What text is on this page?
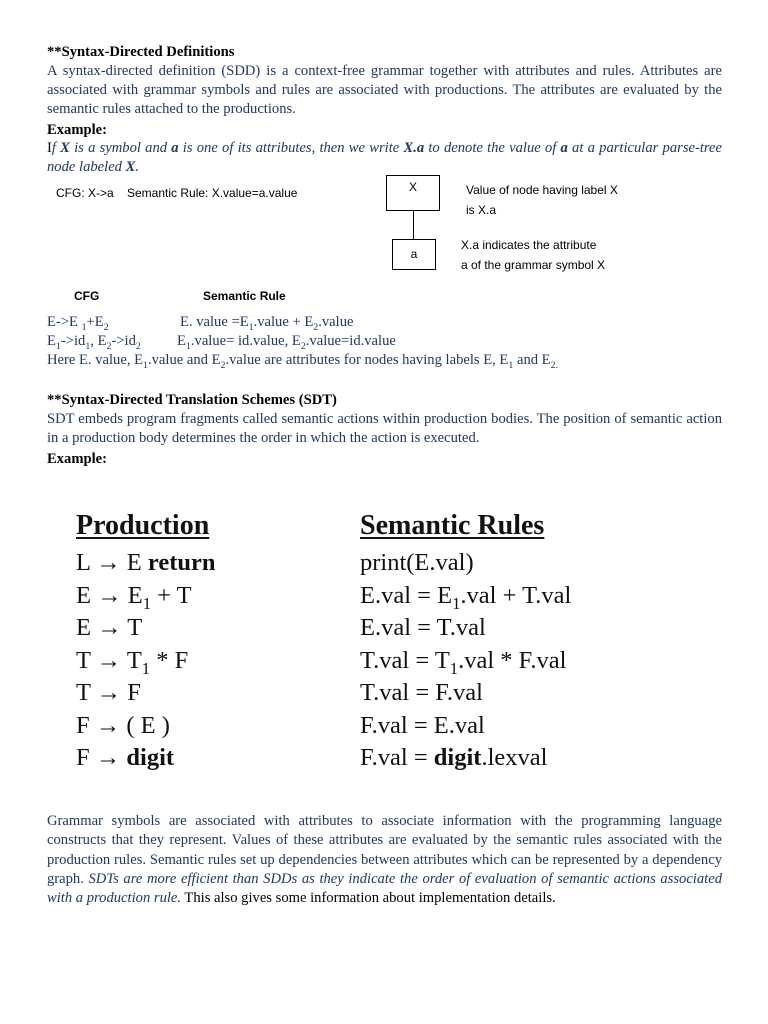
**Syntax-Directed Definitions

A syntax-directed definition (SDD) is a context-free grammar together with attributes and rules. Attributes are associated with grammar symbols and rules are associated with productions. The attributes are evaluated by the semantic rules attached to the productions.

Example:

If X is a symbol and a is one of its attributes, then we write X.a to denote the value of a at a particular parse-tree node labeled X.

CFG: X->a Semantic Rule: X.value=a.value	X
a
Value of node having label X
is X.a
X.a indicates the attribute
a of the grammar symbol X
CFG	Semantic Rule
E->E $_1+E_2$	E. value $=E_1.value$ + $E_2.value$
$E_1->id_1$, $E_2->id_2$ $E_1.value=$ id.value, $E_2.value=id.value$
Here E. value, $E_1.value$ and $E_2.value$ are attributes for nodes having labels E, $E_1$ and $E_{2.}$
**Syntax-Directed Translation Schemes (SDT)

SDT embeds program fragments called semantic actions within production bodies. The position of semantic action in a production body determines the order in which the action is executed.

Example:
Production	Semantic Rules
L → E return	print(E.val)
$E \to E_1 + T$	$E.val = E_1.val + T.val$
E → T	E.val = T.val
$T \to T_1 * F$	$T.val = T_1.val * F.val$
T → F	T.val = F.val
F → ( E )	F.val = E.val
F → digit	F.val = digit.lexval

Grammar symbols are associated with attributes to associate information with the programming language constructs that they represent. Values of these attributes are evaluated by the semantic rules associated with the production rules. Semantic rules set up dependencies between attributes which can be represented by a dependency graph. SDTs are more efficient than SDDs as they indicate the order of evaluation of semantic actions associated with a production rule. This also gives some information about implementation details.
